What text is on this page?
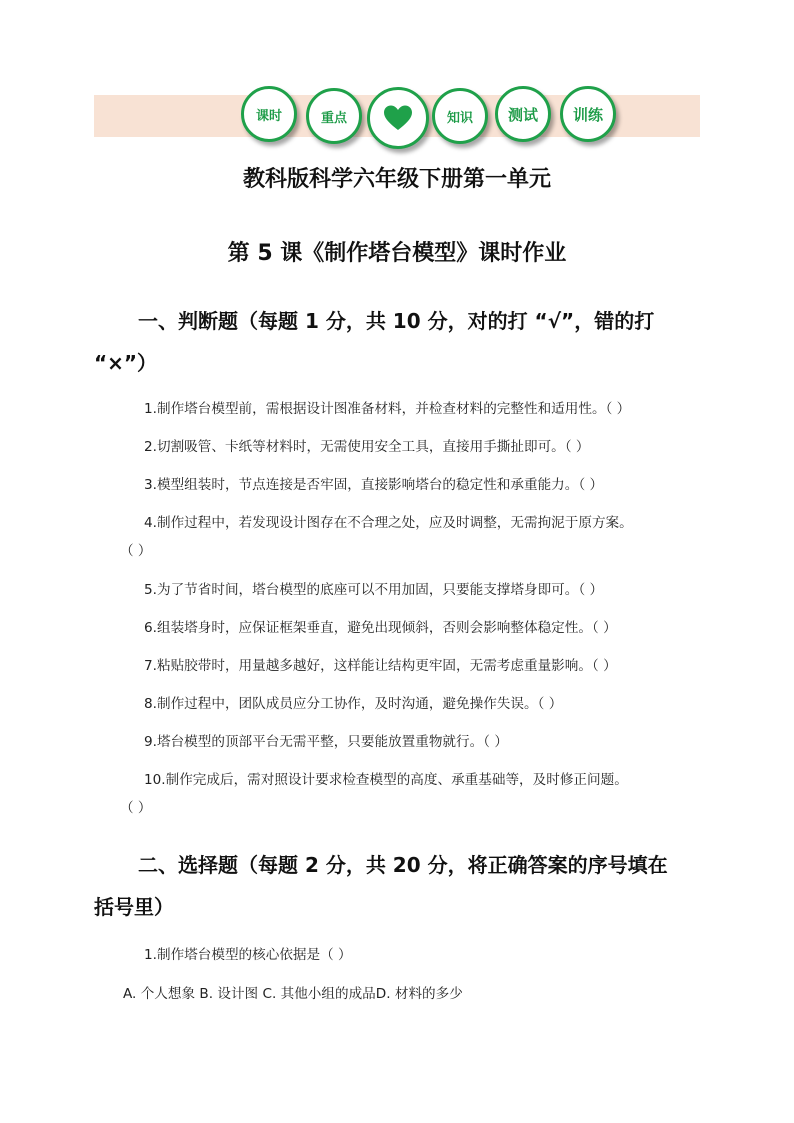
课时	重点	知识	测试	训练
教科版科学六年级下册第一单元
第 5 课《制作塔台模型》课时作业
一、判断题（每题 1 分，共 10 分，对的打 “√”，错的打
“×”）
1.制作塔台模型前，需根据设计图准备材料，并检查材料的完整性和适用性。（ ）
2.切割吸管、卡纸等材料时，无需使用安全工具，直接用手撕扯即可。（ ）
3.模型组装时，节点连接是否牢固，直接影响塔台的稳定性和承重能力。（ ）
4.制作过程中，若发现设计图存在不合理之处，应及时调整，无需拘泥于原方案。
（ ）
5.为了节省时间，塔台模型的底座可以不用加固，只要能支撑塔身即可。（ ）
6.组装塔身时，应保证框架垂直，避免出现倾斜，否则会影响整体稳定性。（ ）
7.粘贴胶带时，用量越多越好，这样能让结构更牢固，无需考虑重量影响。（ ）
8.制作过程中，团队成员应分工协作，及时沟通，避免操作失误。（ ）
9.塔台模型的顶部平台无需平整，只要能放置重物就行。（ ）
10.制作完成后，需对照设计要求检查模型的高度、承重基础等，及时修正问题。
（ ）
二、选择题（每题 2 分，共 20 分，将正确答案的序号填在
括号里）
1.制作塔台模型的核心依据是（ ）
A. 个人想象 B. 设计图 C. 其他小组的成品D. 材料的多少
